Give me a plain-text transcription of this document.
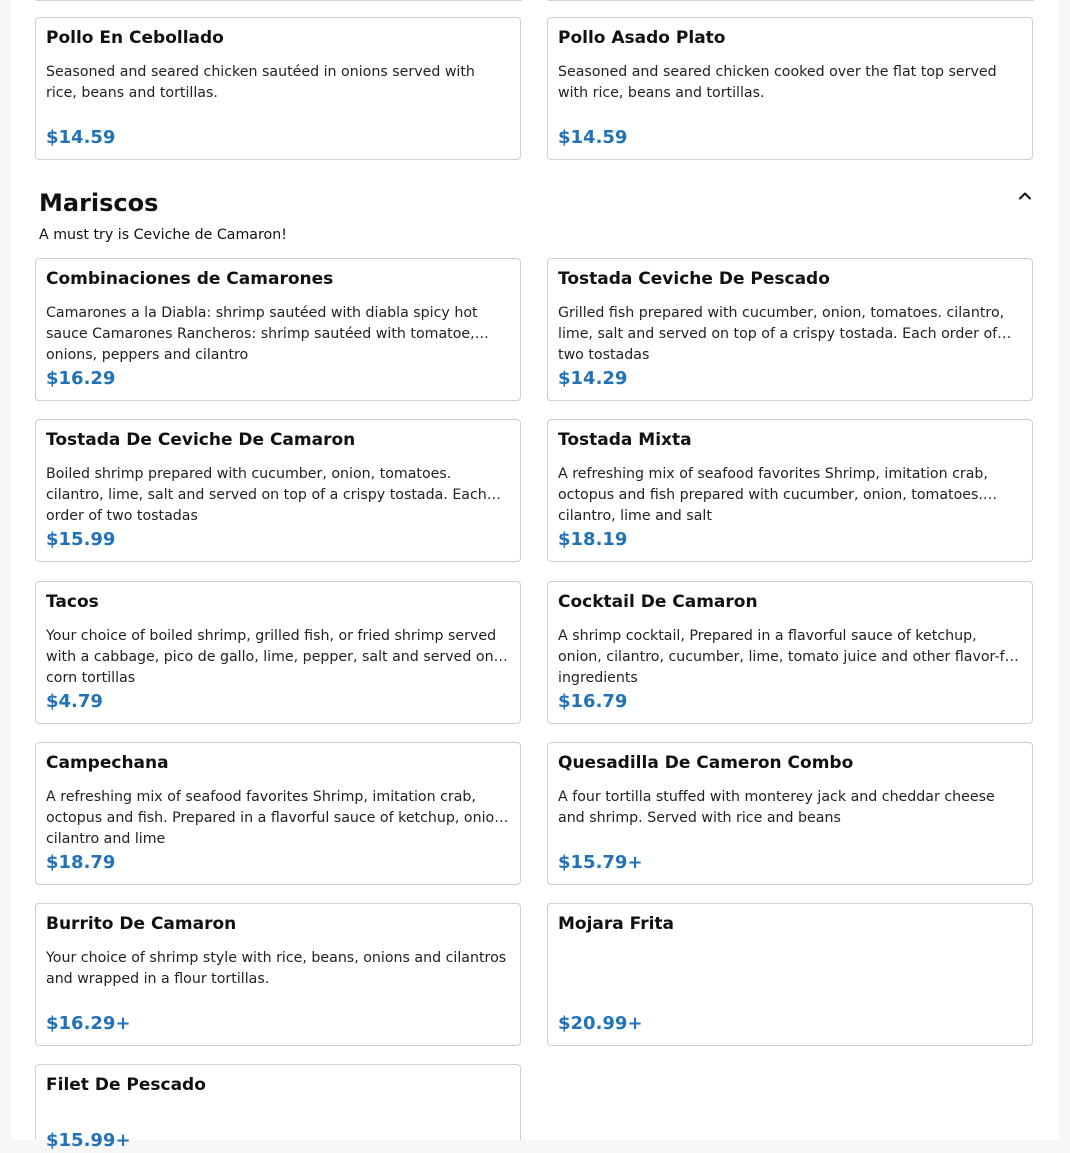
Pollo En Cebollado
Seasoned and seared chicken sautéed in onions served with rice, beans and tortillas.
$14.59
Pollo Asado Plato
Seasoned and seared chicken cooked over the flat top served with rice, beans and tortillas.
$14.59
Mariscos
A must try is Ceviche de Camaron!
Combinaciones de Camarones
Camarones a la Diabla: shrimp sautéed with diabla spicy hot sauce Camarones Rancheros: shrimp sautéed with tomatoe, onions, peppers and cilantro
$16.29
Tostada Ceviche De Pescado
Grilled fish prepared with cucumber, onion, tomatoes. cilantro, lime, salt and served on top of a crispy tostada. Each order of two tostadas
$14.29
Tostada De Ceviche De Camaron
Boiled shrimp prepared with cucumber, onion, tomatoes. cilantro, lime, salt and served on top of a crispy tostada. Each order of two tostadas
$15.99
Tostada Mixta
A refreshing mix of seafood favorites Shrimp, imitation crab, octopus and fish prepared with cucumber, onion, tomatoes. cilantro, lime and salt
$18.19
Tacos
Your choice of boiled shrimp, grilled fish, or fried shrimp served with a cabbage, pico de gallo, lime, pepper, salt and served on corn tortillas
$4.79
Cocktail De Camaron
A shrimp cocktail, Prepared in a flavorful sauce of ketchup, onion, cilantro, cucumber, lime, tomato juice and other flavor-full ingredients
$16.79
Campechana
A refreshing mix of seafood favorites Shrimp, imitation crab, octopus and fish. Prepared in a flavorful sauce of ketchup, onion, cilantro and lime
$18.79
Quesadilla De Cameron Combo
A four tortilla stuffed with monterey jack and cheddar cheese and shrimp. Served with rice and beans
$15.79+
Burrito De Camaron
Your choice of shrimp style with rice, beans, onions and cilantros and wrapped in a flour tortillas.
$16.29+
Mojara Frita
$20.99+
Filet De Pescado
$15.99+
